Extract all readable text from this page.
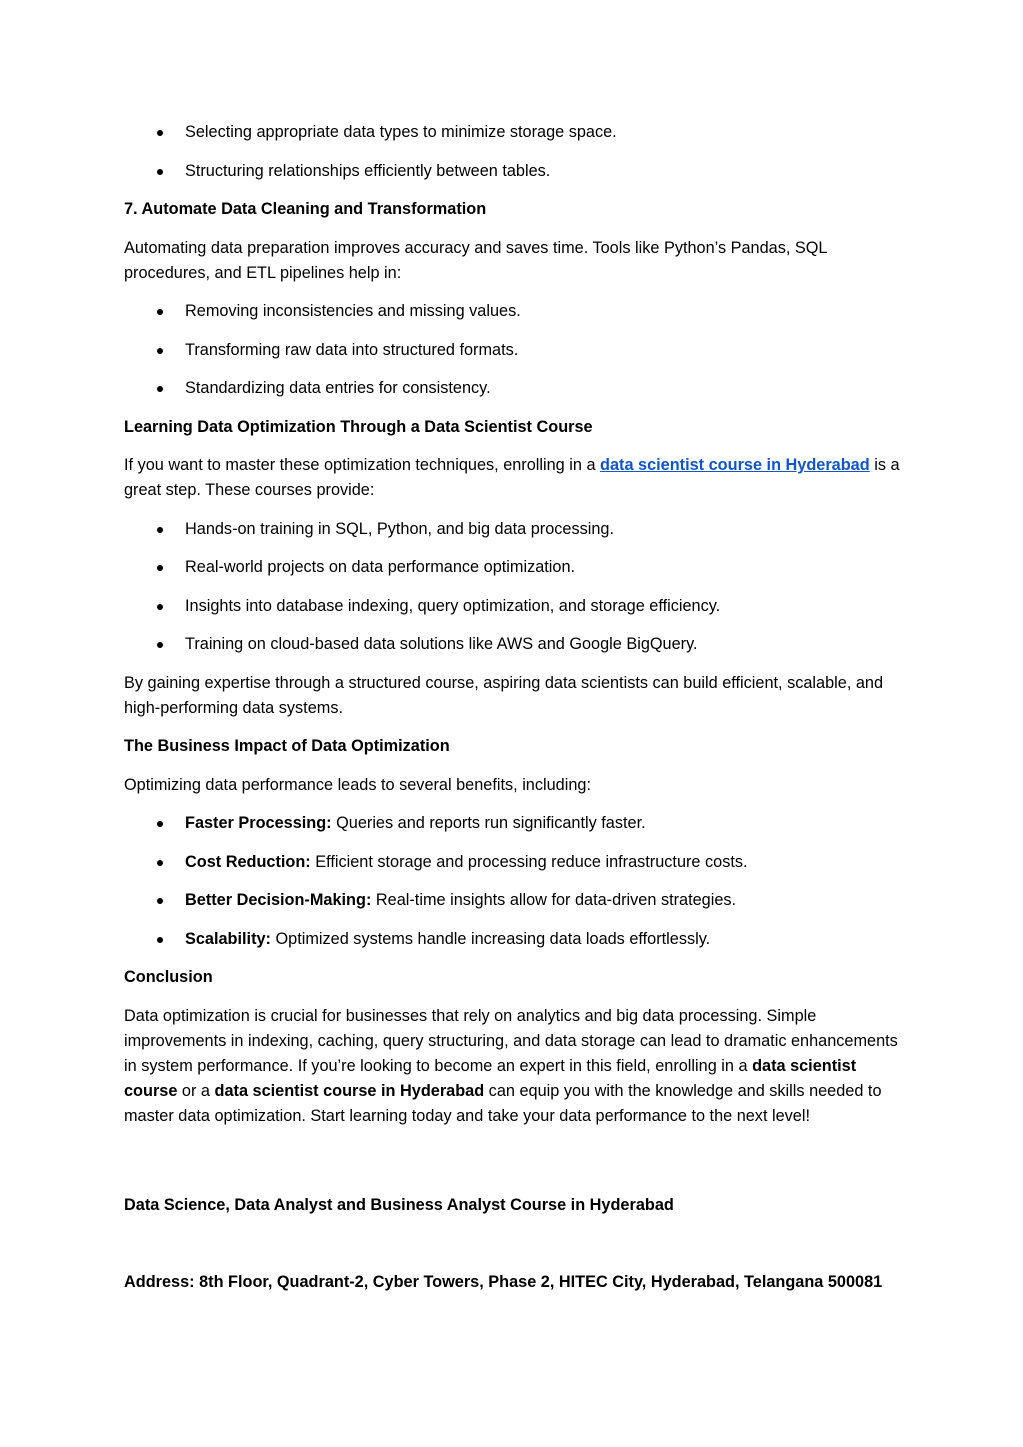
Selecting appropriate data types to minimize storage space.
Structuring relationships efficiently between tables.

7. Automate Data Cleaning and Transformation

Automating data preparation improves accuracy and saves time. Tools like Python’s Pandas, SQL procedures, and ETL pipelines help in:

Removing inconsistencies and missing values.
Transforming raw data into structured formats.
Standardizing data entries for consistency.

Learning Data Optimization Through a Data Scientist Course

If you want to master these optimization techniques, enrolling in a data scientist course in Hyderabad is a great step. These courses provide:

Hands-on training in SQL, Python, and big data processing.
Real-world projects on data performance optimization.
Insights into database indexing, query optimization, and storage efficiency.
Training on cloud-based data solutions like AWS and Google BigQuery.

By gaining expertise through a structured course, aspiring data scientists can build efficient, scalable, and high-performing data systems.

The Business Impact of Data Optimization

Optimizing data performance leads to several benefits, including:

Faster Processing: Queries and reports run significantly faster.
Cost Reduction: Efficient storage and processing reduce infrastructure costs.
Better Decision-Making: Real-time insights allow for data-driven strategies.
Scalability: Optimized systems handle increasing data loads effortlessly.

Conclusion

Data optimization is crucial for businesses that rely on analytics and big data processing. Simple improvements in indexing, caching, query structuring, and data storage can lead to dramatic enhancements in system performance. If you’re looking to become an expert in this field, enrolling in a data scientist course or a data scientist course in Hyderabad can equip you with the knowledge and skills needed to master data optimization. Start learning today and take your data performance to the next level!

Data Science, Data Analyst and Business Analyst Course in Hyderabad

Address: 8th Floor, Quadrant-2, Cyber Towers, Phase 2, HITEC City, Hyderabad, Telangana 500081
